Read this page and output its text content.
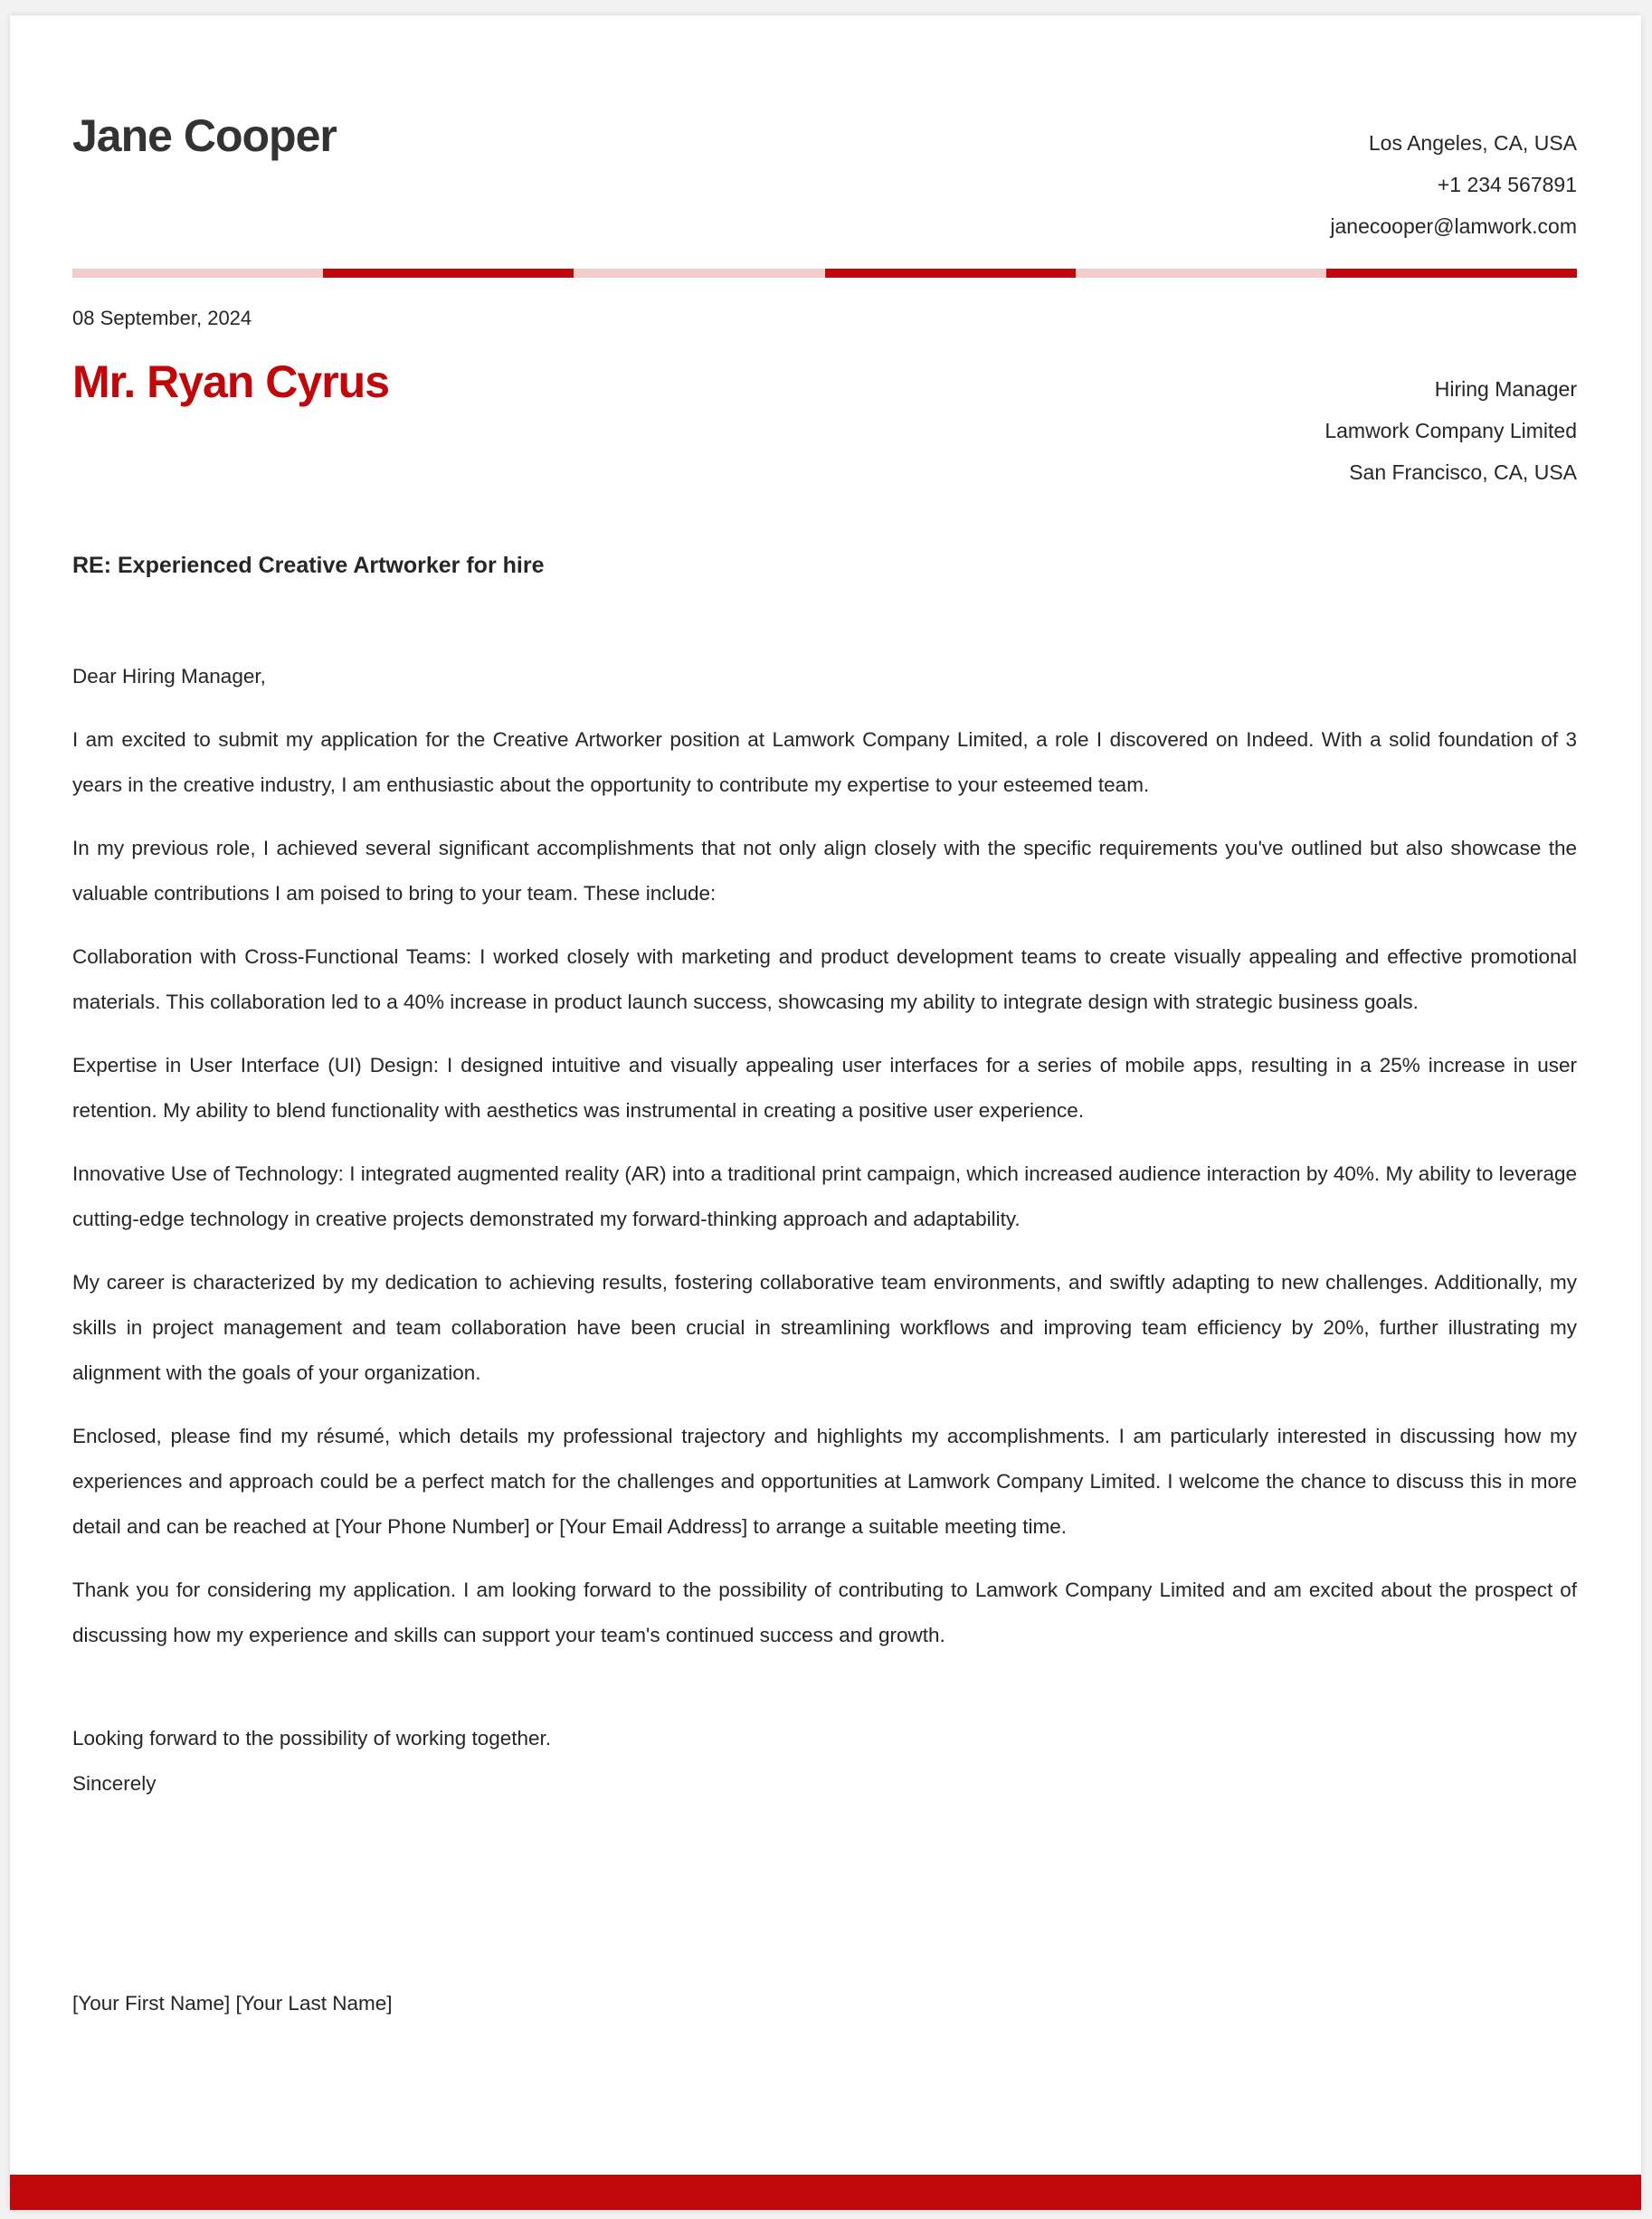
Jane Cooper	Los Angeles, CA, USA
+1 234 567891
janecooper@lamwork.com
08 September, 2024
Mr. Ryan Cyrus	Hiring Manager
Lamwork Company Limited
San Francisco, CA, USA
RE: Experienced Creative Artworker for hire

Dear Hiring Manager,

I am excited to submit my application for the Creative Artworker position at Lamwork Company Limited, a role I discovered on Indeed. With a solid foundation of 3 years in the creative industry, I am enthusiastic about the opportunity to contribute my expertise to your esteemed team.

In my previous role, I achieved several significant accomplishments that not only align closely with the specific requirements you've outlined but also showcase the valuable contributions I am poised to bring to your team. These include:

Collaboration with Cross-Functional Teams: I worked closely with marketing and product development teams to create visually appealing and effective promotional materials. This collaboration led to a 40% increase in product launch success, showcasing my ability to integrate design with strategic business goals.

Expertise in User Interface (UI) Design: I designed intuitive and visually appealing user interfaces for a series of mobile apps, resulting in a 25% increase in user retention. My ability to blend functionality with aesthetics was instrumental in creating a positive user experience.

Innovative Use of Technology: I integrated augmented reality (AR) into a traditional print campaign, which increased audience interaction by 40%. My ability to leverage cutting-edge technology in creative projects demonstrated my forward-thinking approach and adaptability.

My career is characterized by my dedication to achieving results, fostering collaborative team environments, and swiftly adapting to new challenges. Additionally, my skills in project management and team collaboration have been crucial in streamlining workflows and improving team efficiency by 20%, further illustrating my alignment with the goals of your organization.

Enclosed, please find my résumé, which details my professional trajectory and highlights my accomplishments. I am particularly interested in discussing how my experiences and approach could be a perfect match for the challenges and opportunities at Lamwork Company Limited. I welcome the chance to discuss this in more detail and can be reached at [Your Phone Number] or [Your Email Address] to arrange a suitable meeting time.

Thank you for considering my application. I am looking forward to the possibility of contributing to Lamwork Company Limited and am excited about the prospect of discussing how my experience and skills can support your team's continued success and growth.

Looking forward to the possibility of working together.
Sincerely
[Your First Name] [Your Last Name]
